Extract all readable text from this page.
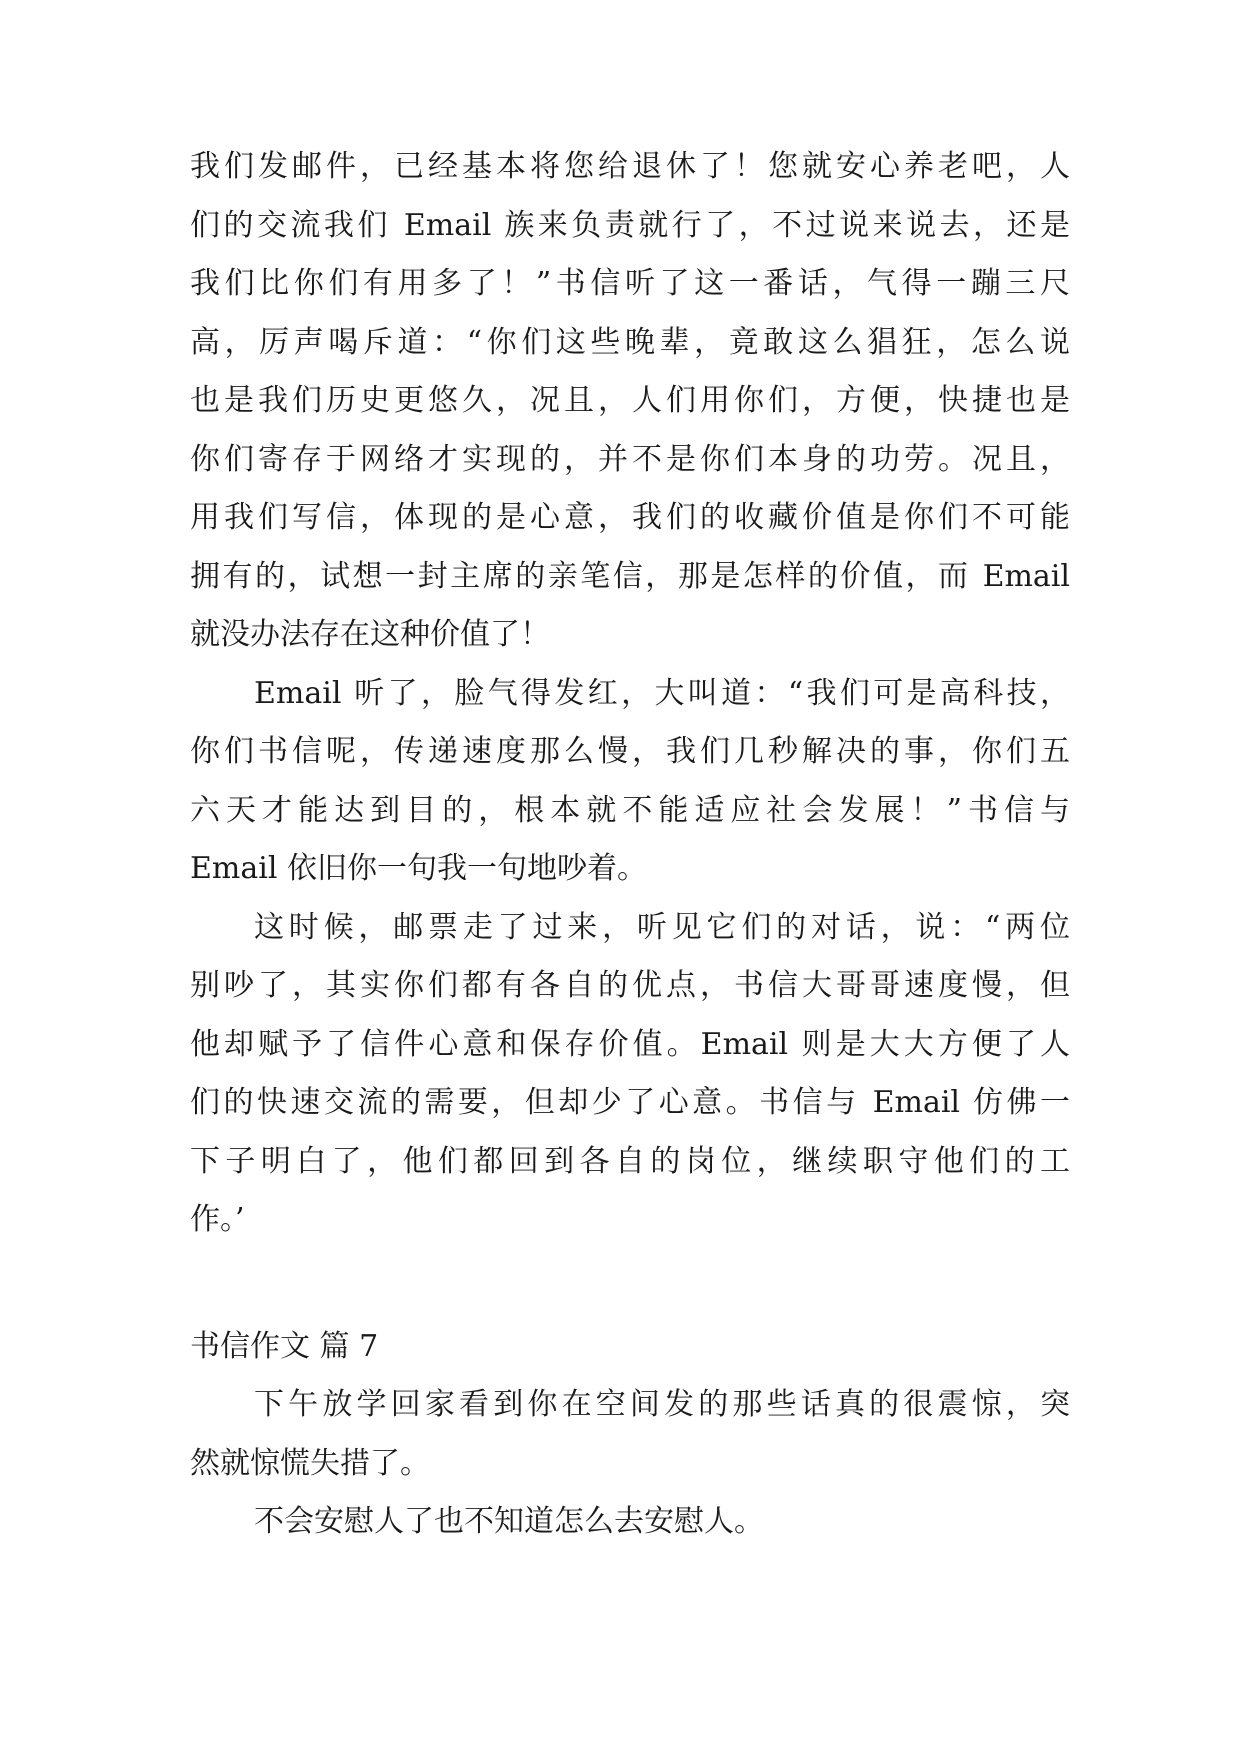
我们发邮件，已经基本将您给退休了！您就安心养老吧，人
们的交流我们 Email 族来负责就行了，不过说来说去，还是
我们比你们有用多了！”书信听了这一番话，气得一蹦三尺
高，厉声喝斥道：“你们这些晚辈，竟敢这么猖狂，怎么说
也是我们历史更悠久，况且，人们用你们，方便，快捷也是
你们寄存于网络才实现的，并不是你们本身的功劳。况且，
用我们写信，体现的是心意，我们的收藏价值是你们不可能
拥有的，试想一封主席的亲笔信，那是怎样的价值，而 Email
就没办法存在这种价值了！
Email 听了，脸气得发红，大叫道：“我们可是高科技，
你们书信呢，传递速度那么慢，我们几秒解决的事，你们五
六天才能达到目的，根本就不能适应社会发展！”书信与
Email 依旧你一句我一句地吵着。
这时候，邮票走了过来，听见它们的对话，说：“两位
别吵了，其实你们都有各自的优点，书信大哥哥速度慢，但
他却赋予了信件心意和保存价值。Email 则是大大方便了人
们的快速交流的需要，但却少了心意。书信与 Email 仿佛一
下子明白了，他们都回到各自的岗位，继续职守他们的工
作。’
书信作文 篇 7
下午放学回家看到你在空间发的那些话真的很震惊，突
然就惊慌失措了。
不会安慰人了也不知道怎么去安慰人。
